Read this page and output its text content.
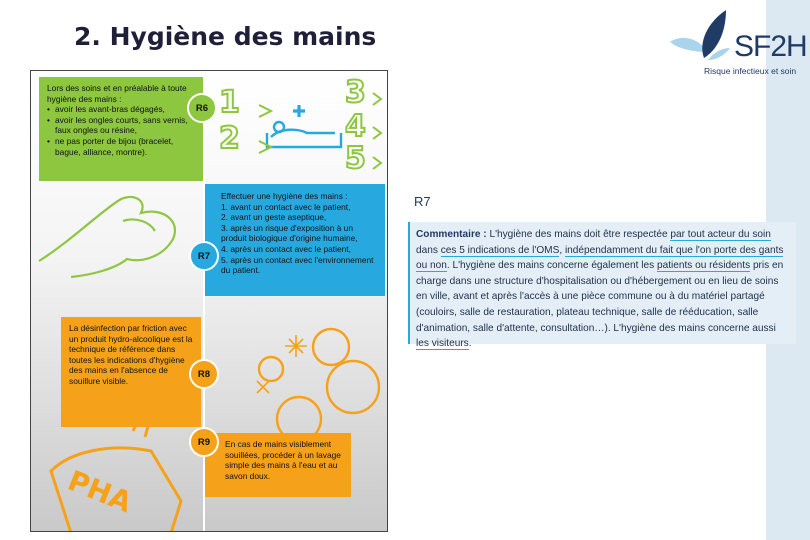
2. Hygiène des mains	SF2H
Risque infectieux et soin
1
2
3
4
5
Lors des soins et en préalable à toute hygiène des mains :
• avoir les avant-bras dégagés,
• avoir les ongles courts, sans vernis, faux ongles ou résine,
• ne pas porter de bijou (bracelet, bague, alliance, montre).
Effectuer une hygiène des mains :
1. avant un contact avec le patient,
2. avant un geste aseptique,
3. après un risque d'exposition à un produit biologique d'origine humaine,
4. après un contact avec le patient,
5. après un contact avec l'environnement du patient.
La désinfection par friction avec un produit hydro-alcoolique est la technique de référence dans toutes les indications d'hygiène des mains en l'absence de souillure visible.
En cas de mains visiblement souillées, procéder à un lavage simple des mains à l'eau et au savon doux.
R6
R7
R8
R9
PHA
R7
Commentaire : L'hygiène des mains doit être respectée par tout acteur du soin dans ces 5 indications de l'OMS, indépendamment du fait que l'on porte des gants ou non. L'hygiène des mains concerne également les patients ou résidents pris en charge dans une structure d'hospitalisation ou d'hébergement ou en lieu de soins en ville, avant et après l'accès à une pièce commune ou à du matériel partagé (couloirs, salle de restauration, plateau technique, salle de rééducation, salle d'animation, salle d'attente, consultation…). L'hygiène des mains concerne aussi les visiteurs.
